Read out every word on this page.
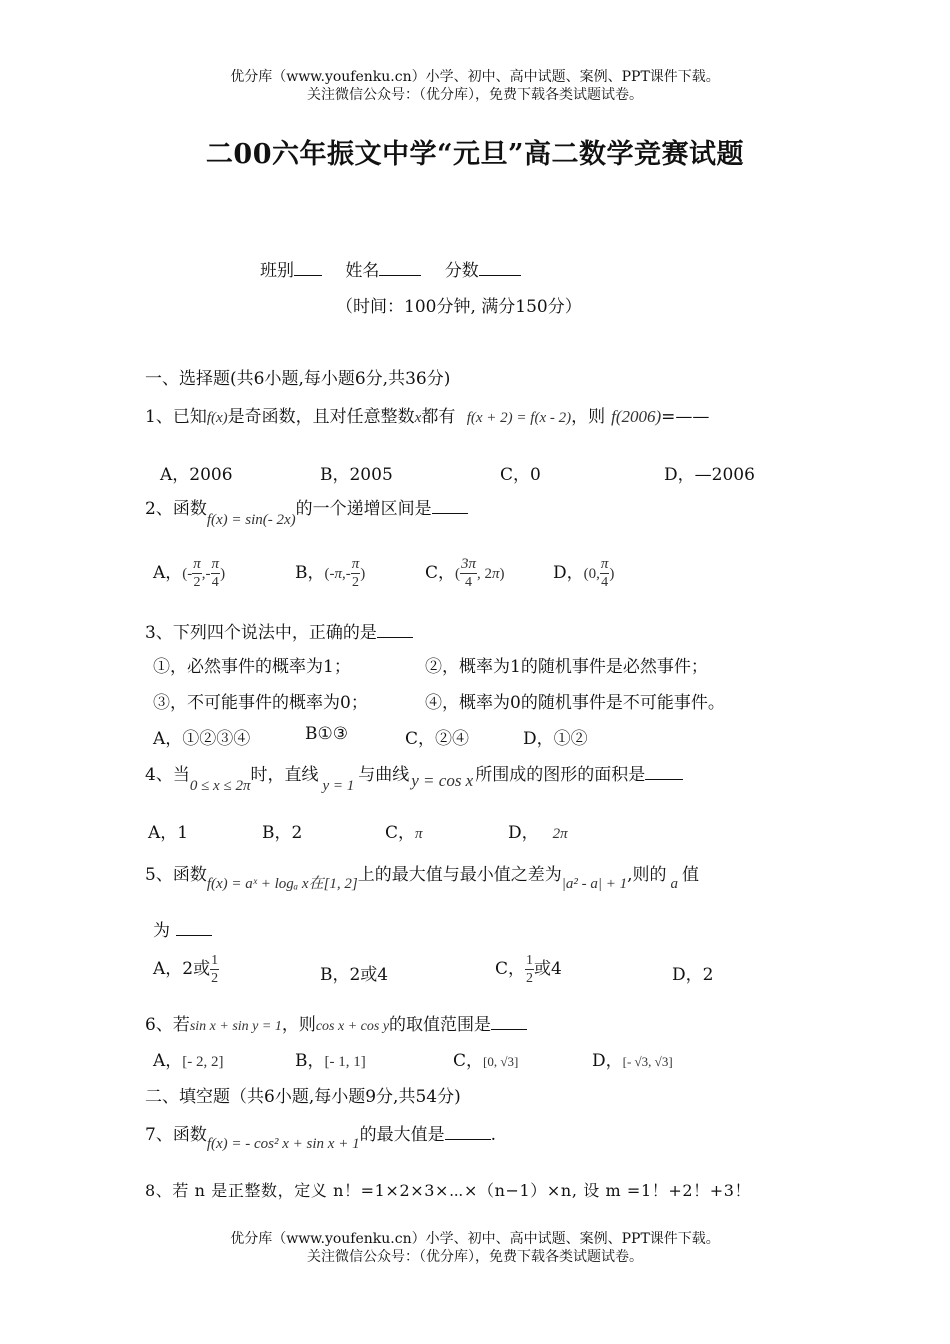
优分库（www.youfenku.cn）小学、初中、高中试题、案例、PPT课件下载。
关注微信公众号：（优分库），免费下载各类试题试卷。
二00六年振文中学“元旦”高二数学竞赛试题
班别	姓名	分数
（时间：100分钟, 满分150分）
一、选择题(共6小题,每小题6分,共36分)
1、已知f(x)是奇函数，且对任意整数x都有 f(x + 2) = f(x - 2)，则 f(2006)=——
A，2006	B，2005	C，0	D，—2006
2、函数f(x) = sin(- 2x)的一个递增区间是
A，(- $\frac{\pi}{2}$ ,- $\frac{\pi}{4}$ )	B，($-\pi,- \frac{\pi}{2}$ )	C，( $\frac{3\pi}{4}$ , 2π)	D，(0, $\frac{\pi}{4}$ )
3、下列四个说法中，正确的是
①，必然事件的概率为1；	②，概率为1的随机事件是必然事件；
③，不可能事件的概率为0；	④，概率为0的随机事件是不可能事件。
A，①②③④	B①③	C，②④	D，①②
4、当0 ≤ x ≤ 2π时，直线y = 1与曲线 y = cos x 所围成的图形的面积是
A，1	B，2	C，π	D， 2π
5、函数f(x) = aˣ + logₐ x在[1, 2]上的最大值与最小值之差为|a² - a| + 1,则的 a 值
为
A，2或 $\frac{1}{2}$	B，2或4	C， $\frac{1}{2}$ 或4	D，2
6、若sin x + sin y = 1，则cos x + cos y的取值范围是
A，[- 2, 2]	B，[- 1, 1]	C，[0, √3]	D，[- √3, √3]
二、填空题（共6小题,每小题9分,共54分)
7、函数f(x) = - cos² x + sin x + 1的最大值是	.
8、若 n 是正整数，定义 n！=1×2×3×⋯×（n−1）×n, 设 m =1！+2！+3！
优分库（www.youfenku.cn）小学、初中、高中试题、案例、PPT课件下载。
关注微信公众号：（优分库），免费下载各类试题试卷。
